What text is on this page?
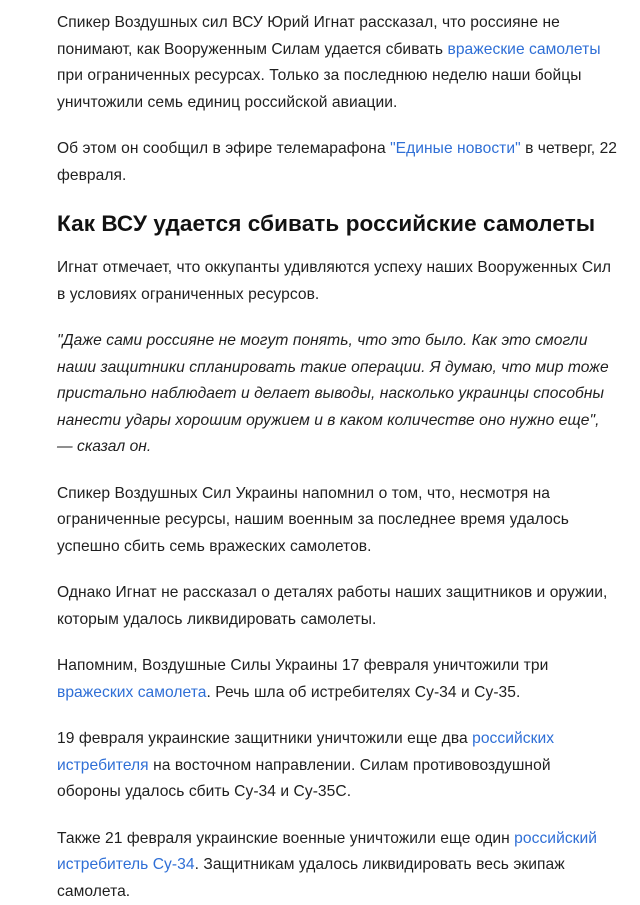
Спикер Воздушных сил ВСУ Юрий Игнат рассказал, что россияне не понимают, как Вооруженным Силам удается сбивать вражеские самолеты при ограниченных ресурсах. Только за последнюю неделю наши бойцы уничтожили семь единиц российской авиации.

Об этом он сообщил в эфире телемарафона "Единые новости" в четверг, 22 февраля.

Как ВСУ удается сбивать российские самолеты

Игнат отмечает, что оккупанты удивляются успеху наших Вооруженных Сил в условиях ограниченных ресурсов.

"Даже сами россияне не могут понять, что это было. Как это смогли наши защитники спланировать такие операции. Я думаю, что мир тоже пристально наблюдает и делает выводы, насколько украинцы способны нанести удары хорошим оружием и в каком количестве оно нужно еще", — сказал он.

Спикер Воздушных Сил Украины напомнил о том, что, несмотря на ограниченные ресурсы, нашим военным за последнее время удалось успешно сбить семь вражеских самолетов.

Однако Игнат не рассказал о деталях работы наших защитников и оружии, которым удалось ликвидировать самолеты.

Напомним, Воздушные Силы Украины 17 февраля уничтожили три вражеских самолета. Речь шла об истребителях Су-34 и Су-35.

19 февраля украинские защитники уничтожили еще два российских истребителя на восточном направлении. Силам противовоздушной обороны удалось сбить Су-34 и Су-35С.

Также 21 февраля украинские военные уничтожили еще один российский истребитель Су-34. Защитникам удалось ликвидировать весь экипаж самолета.
